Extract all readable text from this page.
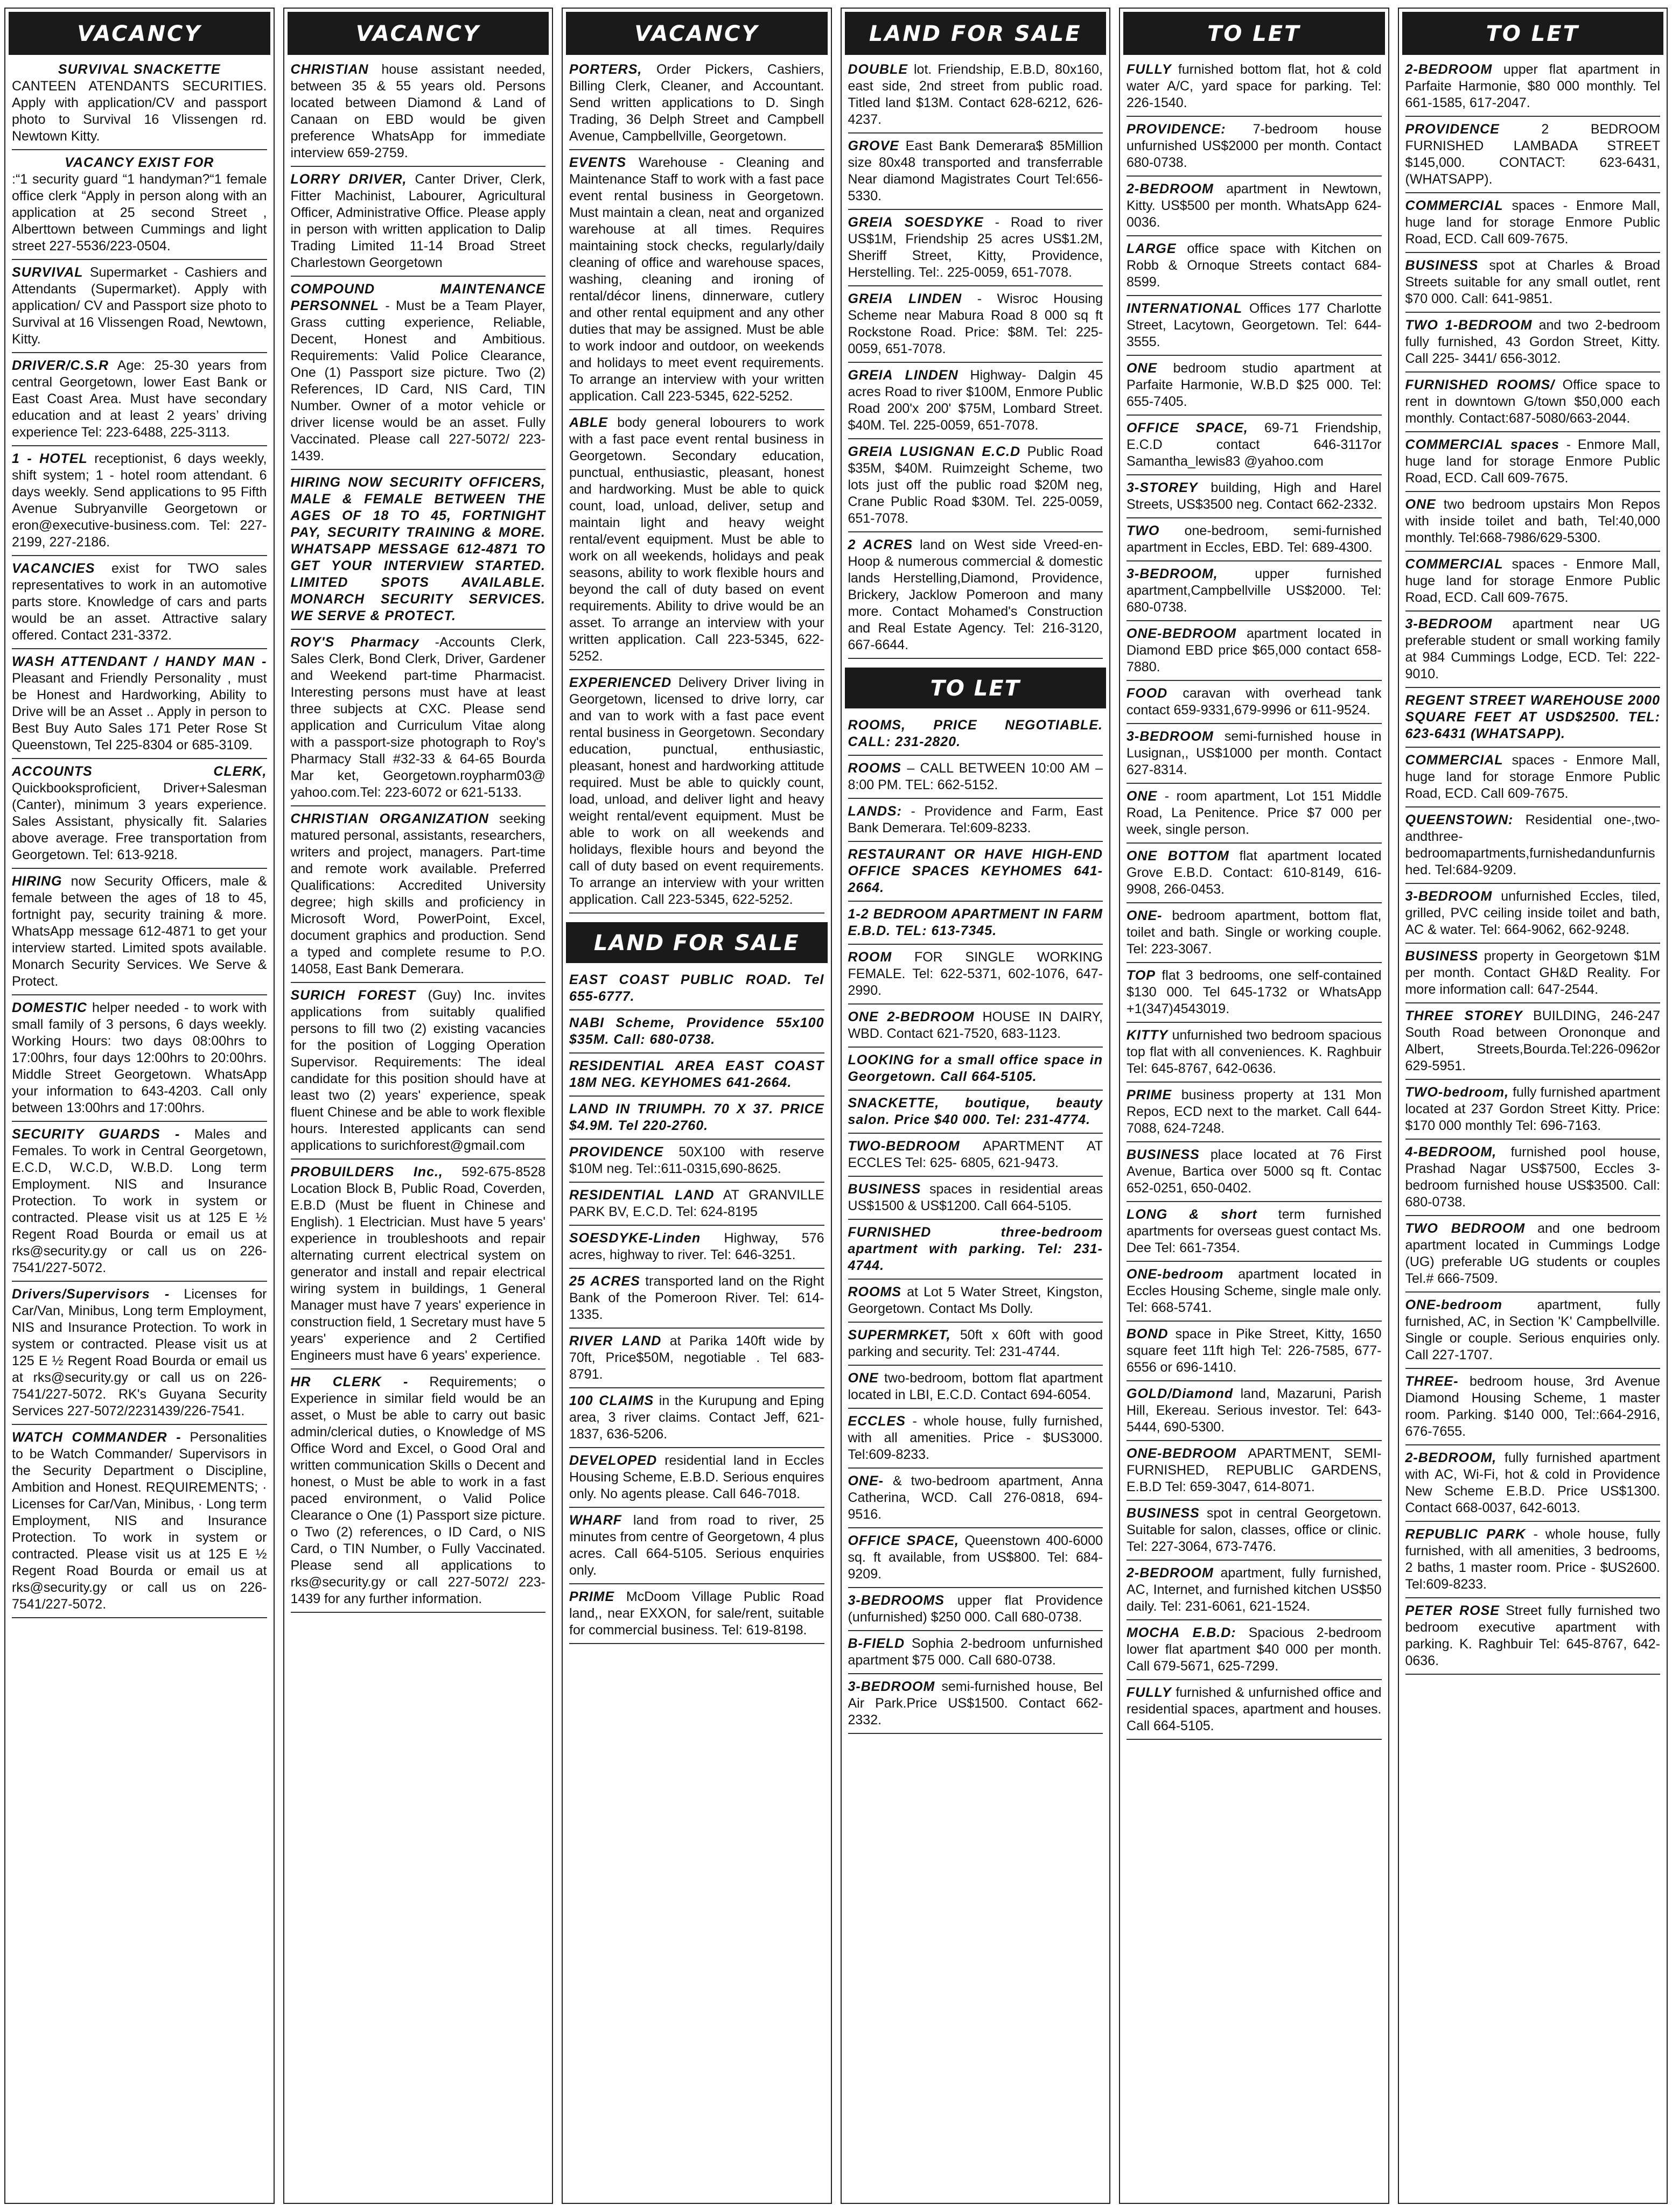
VACANCY
SURVIVAL SNACKETTE
CANTEEN ATENDANTS SECURITIES. Apply with application/CV and passport photo to Survival 16 Vlissengen rd. Newtown Kitty.
VACANCY EXIST FOR
:“1 security guard “1 handyman?“1 female office clerk “Apply in person along with an application at 25 second Street , Alberttown between Cummings and light street 227-5536/223-0504.
SURVIVAL Supermarket - Cashiers and Attendants (Supermarket). Apply with application/ CV and Passport size photo to Survival at 16 Vlissengen Road, Newtown, Kitty.
DRIVER/C.S.R Age: 25-30 years from central Georgetown, lower East Bank or East Coast Area. Must have secondary education and at least 2 years’ driving experience Tel: 223-6488, 225-3113.
1 - HOTEL receptionist, 6 days weekly, shift system; 1 - hotel room attendant. 6 days weekly. Send applications to 95 Fifth Avenue Subryanville Georgetown or eron@executive-business.com. Tel: 227-2199, 227-2186.
VACANCIES exist for TWO sales representatives to work in an automotive parts store. Knowledge of cars and parts would be an asset. Attractive salary offered. Contact 231-3372.
WASH ATTENDANT / HANDY MAN - Pleasant and Friendly Personality , must be Honest and Hardworking, Ability to Drive will be an Asset .. Apply in person to Best Buy Auto Sales 171 Peter Rose St Queenstown, Tel 225-8304 or 685-3109.
ACCOUNTS CLERK, Quickbooksproficient, Driver+Salesman (Canter), minimum 3 years experience. Sales Assistant, physically fit. Salaries above average. Free transportation from Georgetown. Tel: 613-9218.
HIRING now Security Officers, male & female between the ages of 18 to 45, fortnight pay, security training & more. WhatsApp message 612-4871 to get your interview started. Limited spots available. Monarch Security Services. We Serve & Protect.
DOMESTIC helper needed - to work with small family of 3 persons, 6 days weekly. Working Hours: two days 08:00hrs to 17:00hrs, four days 12:00hrs to 20:00hrs. Middle Street Georgetown. WhatsApp your information to 643-4203. Call only between 13:00hrs and 17:00hrs.
SECURITY GUARDS - Males and Females. To work in Central Georgetown, E.C.D, W.C.D, W.B.D. Long term Employment. NIS and Insurance Protection. To work in system or contracted. Please visit us at 125 E ½ Regent Road Bourda or email us at rks@security.gy or call us on 226-7541/227-5072.
Drivers/Supervisors - Licenses for Car/Van, Minibus, Long term Employment, NIS and Insurance Protection. To work in system or contracted. Please visit us at 125 E ½ Regent Road Bourda or email us at rks@security.gy or call us on 226-7541/227-5072. RK's Guyana Security Services 227-5072/2231439/226-7541.
WATCH COMMANDER - Personalities to be Watch Commander/ Supervisors in the Security Department o Discipline, Ambition and Honest. REQUIREMENTS; · Licenses for Car/Van, Minibus, · Long term Employment, NIS and Insurance Protection. To work in system or contracted. Please visit us at 125 E ½ Regent Road Bourda or email us at rks@security.gy or call us on 226-7541/227-5072.
VACANCY
CHRISTIAN house assistant needed, between 35 & 55 years old. Persons located between Diamond & Land of Canaan on EBD would be given preference WhatsApp for immediate interview 659-2759.
LORRY DRIVER, Canter Driver, Clerk, Fitter Machinist, Labourer, Agricultural Officer, Administrative Office. Please apply in person with written application to Dalip Trading Limited 11-14 Broad Street Charlestown Georgetown
COMPOUND MAINTENANCE PERSONNEL - Must be a Team Player, Grass cutting experience, Reliable, Decent, Honest and Ambitious. Requirements: Valid Police Clearance, One (1) Passport size picture. Two (2) References, ID Card, NIS Card, TIN Number. Owner of a motor vehicle or driver license would be an asset. Fully Vaccinated. Please call 227-5072/ 223-1439.
HIRING NOW SECURITY OFFICERS, MALE & FEMALE BETWEEN THE AGES OF 18 TO 45, FORTNIGHT PAY, SECURITY TRAINING & MORE. WHATSAPP MESSAGE 612-4871 TO GET YOUR INTERVIEW STARTED. LIMITED SPOTS AVAILABLE. MONARCH SECURITY SERVICES. WE SERVE & PROTECT.
ROY'S Pharmacy -Accounts Clerk, Sales Clerk, Bond Clerk, Driver, Gardener and Weekend part-time Pharmacist. Interesting persons must have at least three subjects at CXC. Please send application and Curriculum Vitae along with a passport-size photograph to Roy's Pharmacy Stall #32-33 & 64-65 Bourda Mar ket, Georgetown.roypharm03@ yahoo.com.Tel: 223-6072 or 621-5133.
CHRISTIAN ORGANIZATION seeking matured personal, assistants, researchers, writers and project, managers. Part-time and remote work available. Preferred Qualifications: Accredited University degree; high skills and proficiency in Microsoft Word, PowerPoint, Excel, document graphics and production. Send a typed and complete resume to P.O. 14058, East Bank Demerara.
SURICH FOREST (Guy) Inc. invites applications from suitably qualified persons to fill two (2) existing vacancies for the position of Logging Operation Supervisor. Requirements: The ideal candidate for this position should have at least two (2) years' experience, speak fluent Chinese and be able to work flexible hours. Interested applicants can send applications to surichforest@gmail.com
PROBUILDERS Inc., 592-675-8528 Location Block B, Public Road, Coverden, E.B.D (Must be fluent in Chinese and English). 1 Electrician. Must have 5 years' experience in troubleshoots and repair alternating current electrical system on generator and install and repair electrical wiring system in buildings, 1 General Manager must have 7 years' experience in construction field, 1 Secretary must have 5 years' experience and 2 Certified Engineers must have 6 years' experience.
HR CLERK - Requirements; o Experience in similar field would be an asset, o Must be able to carry out basic admin/clerical duties, o Knowledge of MS Office Word and Excel, o Good Oral and written communication Skills o Decent and honest, o Must be able to work in a fast paced environment, o Valid Police Clearance o One (1) Passport size picture. o Two (2) references, o ID Card, o NIS Card, o TIN Number, o Fully Vaccinated. Please send all applications to rks@security.gy or call 227-5072/ 223-1439 for any further information.
VACANCY
PORTERS, Order Pickers, Cashiers, Billing Clerk, Cleaner, and Accountant. Send written applications to D. Singh Trading, 36 Delph Street and Campbell Avenue, Campbellville, Georgetown.
EVENTS Warehouse - Cleaning and Maintenance Staff to work with a fast pace event rental business in Georgetown. Must maintain a clean, neat and organized warehouse at all times. Requires maintaining stock checks, regularly/daily cleaning of office and warehouse spaces, washing, cleaning and ironing of rental/décor linens, dinnerware, cutlery and other rental equipment and any other duties that may be assigned. Must be able to work indoor and outdoor, on weekends and holidays to meet event requirements. To arrange an interview with your written application. Call 223-5345, 622-5252.
ABLE body general lobourers to work with a fast pace event rental business in Georgetown. Secondary education, punctual, enthusiastic, pleasant, honest and hardworking. Must be able to quick count, load, unload, deliver, setup and maintain light and heavy weight rental/event equipment. Must be able to work on all weekends, holidays and peak seasons, ability to work flexible hours and beyond the call of duty based on event requirements. Ability to drive would be an asset. To arrange an interview with your written application. Call 223-5345, 622-5252.
EXPERIENCED Delivery Driver living in Georgetown, licensed to drive lorry, car and van to work with a fast pace event rental business in Georgetown. Secondary education, punctual, enthusiastic, pleasant, honest and hardworking attitude required. Must be able to quickly count, load, unload, and deliver light and heavy weight rental/event equipment. Must be able to work on all weekends and holidays, flexible hours and beyond the call of duty based on event requirements. To arrange an interview with your written application. Call 223-5345, 622-5252.
LAND FOR SALE
EAST COAST PUBLIC ROAD. Tel 655-6777.
NABI Scheme, Providence 55x100 $35M. Call: 680-0738.
RESIDENTIAL AREA EAST COAST 18M NEG. KEYHOMES 641-2664.
LAND IN TRIUMPH. 70 X 37. PRICE $4.9M. Tel 220-2760.
PROVIDENCE 50X100 with reserve $10M neg. Tel::611-0315,690-8625.
RESIDENTIAL LAND AT GRANVILLE PARK BV, E.C.D. Tel: 624-8195
SOESDYKE-Linden Highway, 576 acres, highway to river. Tel: 646-3251.
25 ACRES transported land on the Right Bank of the Pomeroon River. Tel: 614-1335.
RIVER LAND at Parika 140ft wide by 70ft, Price$50M, negotiable . Tel 683-8791.
100 CLAIMS in the Kurupung and Eping area, 3 river claims. Contact Jeff, 621-1837, 636-5206.
DEVELOPED residential land in Eccles Housing Scheme, E.B.D. Serious enquires only. No agents please. Call 646-7018.
WHARF land from road to river, 25 minutes from centre of Georgetown, 4 plus acres. Call 664-5105. Serious enquiries only.
PRIME McDoom Village Public Road land,, near EXXON, for sale/rent, suitable for commercial business. Tel: 619-8198.
LAND FOR SALE
DOUBLE lot. Friendship, E.B.D, 80x160, east side, 2nd street from public road. Titled land $13M. Contact 628-6212, 626-4237.
GROVE East Bank Demerara$ 85Million size 80x48 transported and transferrable Near diamond Magistrates Court Tel:656-5330.
GREIA SOESDYKE - Road to river US$1M, Friendship 25 acres US$1.2M, Sheriff Street, Kitty, Providence, Herstelling. Tel:. 225-0059, 651-7078.
GREIA LINDEN - Wisroc Housing Scheme near Mabura Road 8 000 sq ft Rockstone Road. Price: $8M. Tel: 225-0059, 651-7078.
GREIA LINDEN Highway- Dalgin 45 acres Road to river $100M, Enmore Public Road 200'x 200' $75M, Lombard Street. $40M. Tel. 225-0059, 651-7078.
GREIA LUSIGNAN E.C.D Public Road $35M, $40M. Ruimzeight Scheme, two lots just off the public road $20M neg, Crane Public Road $30M. Tel. 225-0059, 651-7078.
2 ACRES land on West side Vreed-en-Hoop & numerous commercial & domestic lands Herstelling,Diamond, Providence, Brickery, Jacklow Pomeroon and many more. Contact Mohamed's Construction and Real Estate Agency. Tel: 216-3120, 667-6644.
TO LET
ROOMS, PRICE NEGOTIABLE. CALL: 231-2820.
ROOMS – CALL BETWEEN 10:00 AM – 8:00 PM. TEL: 662-5152.
LANDS: - Providence and Farm, East Bank Demerara. Tel:609-8233.
RESTAURANT OR HAVE HIGH-END OFFICE SPACES KEYHOMES 641-2664.
1-2 BEDROOM APARTMENT IN FARM E.B.D. TEL: 613-7345.
ROOM FOR SINGLE WORKING FEMALE. Tel: 622-5371, 602-1076, 647-2990.
ONE 2-BEDROOM HOUSE IN DAIRY, WBD. Contact 621-7520, 683-1123.
LOOKING for a small office space in Georgetown. Call 664-5105.
SNACKETTE, boutique, beauty salon. Price $40 000. Tel: 231-4774.
TWO-BEDROOM APARTMENT AT ECCLES Tel: 625- 6805, 621-9473.
BUSINESS spaces in residential areas US$1500 & US$1200. Call 664-5105.
FURNISHED three-bedroom apartment with parking. Tel: 231-4744.
ROOMS at Lot 5 Water Street, Kingston, Georgetown. Contact Ms Dolly.
SUPERMRKET, 50ft x 60ft with good parking and security. Tel: 231-4744.
ONE two-bedroom, bottom flat apartment located in LBI, E.C.D. Contact 694-6054.
ECCLES - whole house, fully furnished, with all amenities. Price - $US3000. Tel:609-8233.
ONE- & two-bedroom apartment, Anna Catherina, WCD. Call 276-0818, 694-9516.
OFFICE SPACE, Queenstown 400-6000 sq. ft available, from US$800. Tel: 684-9209.
3-BEDROOMS upper flat Providence (unfurnished) $250 000. Call 680-0738.
B-FIELD Sophia 2-bedroom unfurnished apartment $75 000. Call 680-0738.
3-BEDROOM semi-furnished house, Bel Air Park.Price US$1500. Contact 662-2332.
TO LET
FULLY furnished bottom flat, hot & cold water A/C, yard space for parking. Tel: 226-1540.
PROVIDENCE: 7-bedroom house unfurnished US$2000 per month. Contact 680-0738.
2-BEDROOM apartment in Newtown, Kitty. US$500 per month. WhatsApp 624-0036.
LARGE office space with Kitchen on Robb & Ornoque Streets contact 684-8599.
INTERNATIONAL Offices 177 Charlotte Street, Lacytown, Georgetown. Tel: 644-3555.
ONE bedroom studio apartment at Parfaite Harmonie, W.B.D $25 000. Tel: 655-7405.
OFFICE SPACE, 69-71 Friendship, E.C.D contact 646-3117or Samantha_lewis83 @yahoo.com
3-STOREY building, High and Harel Streets, US$3500 neg. Contact 662-2332.
TWO one-bedroom, semi-furnished apartment in Eccles, EBD. Tel: 689-4300.
3-BEDROOM,	upper furnished apartment,Campbellville US$2000. Tel: 680-0738.
ONE-BEDROOM apartment located in Diamond EBD price $65,000 contact 658-7880.
FOOD caravan with overhead tank contact 659-9331,679-9996 or 611-9524.
3-BEDROOM semi-furnished house in Lusignan,, US$1000 per month. Contact 627-8314.
ONE - room apartment, Lot 151 Middle Road, La Penitence. Price $7 000 per week, single person.
ONE BOTTOM flat apartment located Grove E.B.D. Contact: 610-8149, 616-9908, 266-0453.
ONE- bedroom apartment, bottom flat, toilet and bath. Single or working couple. Tel: 223-3067.
TOP flat 3 bedrooms, one self-contained $130 000. Tel 645-1732 or WhatsApp +1(347)4543019.
KITTY unfurnished two bedroom spacious top flat with all conveniences. K. Raghbuir Tel: 645-8767, 642-0636.
PRIME business property at 131 Mon Repos, ECD next to the market. Call 644-7088, 624-7248.
BUSINESS place located at 76 First Avenue, Bartica over 5000 sq ft. Contac 652-0251, 650-0402.
LONG & short term furnished apartments for overseas guest contact Ms. Dee Tel: 661-7354.
ONE-bedroom apartment located in Eccles Housing Scheme, single male only. Tel: 668-5741.
BOND space in Pike Street, Kitty, 1650 square feet 11ft high Tel: 226-7585, 677-6556 or 696-1410.
GOLD/Diamond land, Mazaruni, Parish Hill, Ekereau. Serious investor. Tel: 643-5444, 690-5300.
ONE-BEDROOM APARTMENT, SEMI-FURNISHED, REPUBLIC GARDENS, E.B.D Tel: 659-3047, 614-8071.
BUSINESS spot in central Georgetown. Suitable for salon, classes, office or clinic. Tel: 227-3064, 673-7476.
2-BEDROOM apartment, fully furnished, AC, Internet, and furnished kitchen US$50 daily. Tel: 231-6061, 621-1524.
MOCHA E.B.D: Spacious 2-bedroom lower flat apartment $40 000 per month. Call 679-5671, 625-7299.
FULLY furnished & unfurnished office and residential spaces, apartment and houses. Call 664-5105.
TO LET
2-BEDROOM upper flat apartment in Parfaite Harmonie, $80 000 monthly. Tel 661-1585, 617-2047.
PROVIDENCE	2 BEDROOM FURNISHED LAMBADA STREET $145,000. CONTACT: 623-6431, (WHATSAPP).
COMMERCIAL spaces - Enmore Mall, huge land for storage Enmore Public Road, ECD. Call 609-7675.
BUSINESS spot at Charles & Broad Streets suitable for any small outlet, rent $70 000. Call: 641-9851.
TWO 1-BEDROOM and two 2-bedroom fully furnished, 43 Gordon Street, Kitty. Call 225- 3441/ 656-3012.
FURNISHED ROOMS/ Office space to rent in downtown G/town $50,000 each monthly. Contact:687-5080/663-2044.
COMMERCIAL spaces - Enmore Mall, huge land for storage Enmore Public Road, ECD. Call 609-7675.
ONE two bedroom upstairs Mon Repos with inside toilet and bath, Tel:40,000 monthly. Tel:668-7986/629-5300.
COMMERCIAL spaces - Enmore Mall, huge land for storage Enmore Public Road, ECD. Call 609-7675.
3-BEDROOM apartment near UG preferable student or small working family at 984 Cummings Lodge, ECD. Tel: 222-9010.
REGENT STREET WAREHOUSE 2000 SQUARE FEET AT USD$2500. TEL: 623-6431 (WHATSAPP).
COMMERCIAL spaces - Enmore Mall, huge land for storage Enmore Public Road, ECD. Call 609-7675.
QUEENSTOWN: Residential one-,two-andthree-bedroomapartments,furnishedandunfurnished. Tel:684-9209.
3-BEDROOM unfurnished Eccles, tiled, grilled, PVC ceiling inside toilet and bath, AC & water. Tel: 664-9062, 662-9248.
BUSINESS property in Georgetown $1M per month. Contact GH&D Reality. For more information call: 647-2544.
THREE STOREY BUILDING, 246-247 South Road between Orononque and Albert, Streets,Bourda.Tel:226-0962or 629-5951.
TWO-bedroom, fully furnished apartment located at 237 Gordon Street Kitty. Price: $170 000 monthly Tel: 696-7163.
4-BEDROOM, furnished pool house, Prashad Nagar US$7500, Eccles 3-bedroom furnished house US$3500. Call: 680-0738.
TWO BEDROOM and one bedroom apartment located in Cummings Lodge (UG) preferable UG students or couples Tel.# 666-7509.
ONE-bedroom	apartment, fully furnished, AC, in Section 'K' Campbellville. Single or couple. Serious enquiries only. Call 227-1707.
THREE- bedroom house, 3rd Avenue Diamond Housing Scheme, 1 master room. Parking. $140 000, Tel::664-2916, 676-7655.
2-BEDROOM, fully furnished apartment with AC, Wi-Fi, hot & cold in Providence New Scheme E.B.D. Price US$1300. Contact 668-0037, 642-6013.
REPUBLIC PARK - whole house, fully furnished, with all amenities, 3 bedrooms, 2 baths, 1 master room. Price - $US2600. Tel:609-8233.
PETER ROSE Street fully furnished two bedroom executive apartment with parking. K. Raghbuir Tel: 645-8767, 642-0636.
